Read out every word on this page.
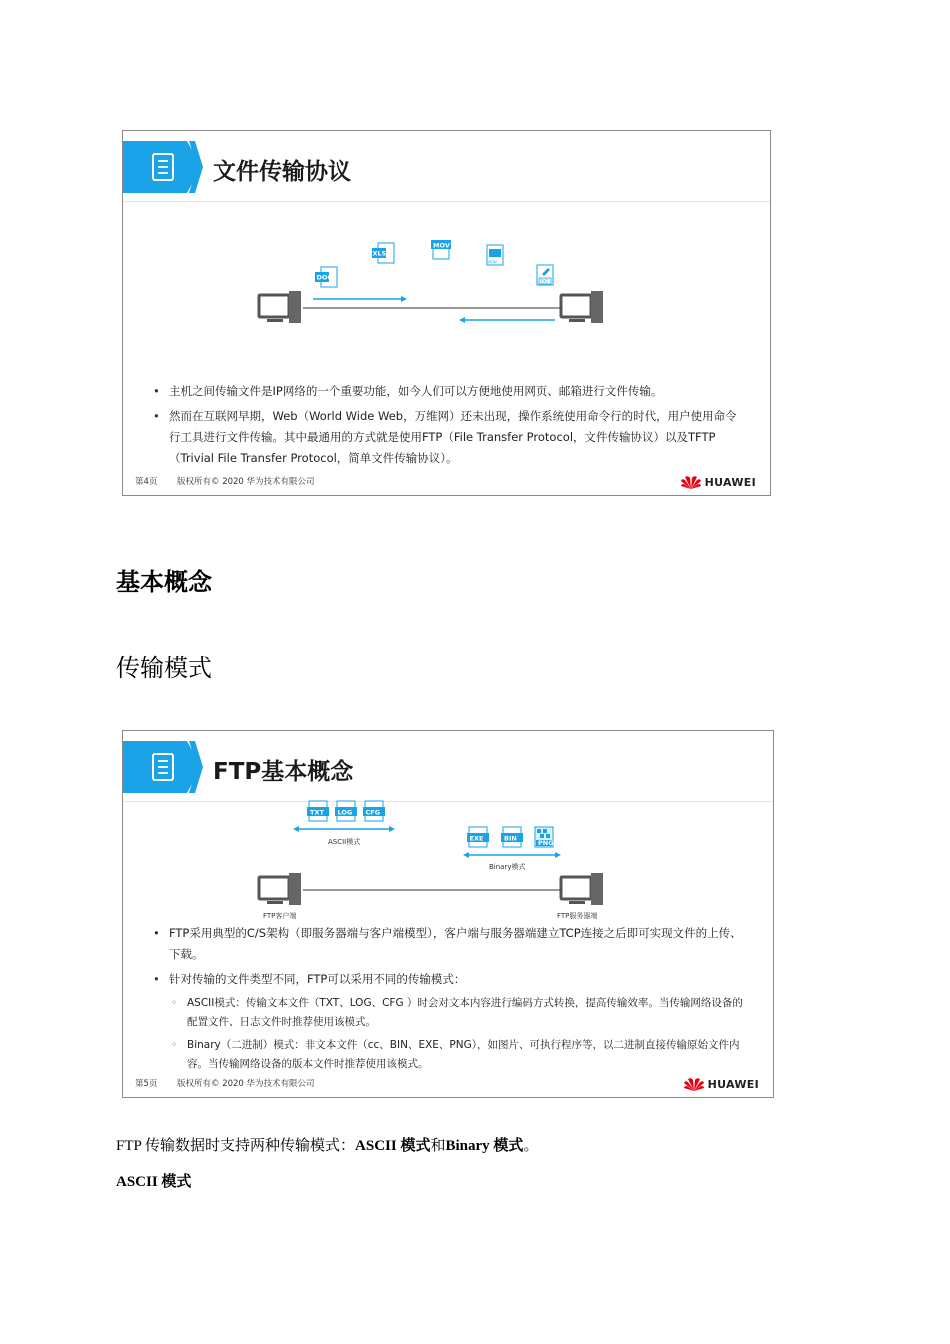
文件传输协议
DOC
XLSX
MOV
JSON
TXT
• 主机之间传输文件是IP网络的一个重要功能，如今人们可以方便地使用网页、邮箱进行文件传输。
• 然而在互联网早期，Web（World Wide Web，万维网）还未出现，操作系统使用命令行的时代，用户使用命令行工具进行文件传输。其中最通用的方式就是使用FTP（File Transfer Protocol，文件传输协议）以及TFTP（Trivial File Transfer Protocol，简单文件传输协议）。
第4页 版权所有© 2020 华为技术有限公司	HUAWEI
基本概念
传输模式
FTP基本概念
TXT LOG CFG
ASCII模式	EXE	BIN
PNG
Binary模式
FTP客户端	FTP服务器端
• FTP采用典型的C/S架构（即服务器端与客户端模型），客户端与服务器端建立TCP连接之后即可实现文件的上传、下载。
• 针对传输的文件类型不同，FTP可以采用不同的传输模式：
◦ ASCII模式：传输文本文件（TXT、LOG、CFG ）时会对文本内容进行编码方式转换，提高传输效率。当传输网络设备的配置文件、日志文件时推荐使用该模式。
◦ Binary（二进制）模式：非文本文件（cc、BIN、EXE、PNG），如图片、可执行程序等，以二进制直接传输原始文件内容。当传输网络设备的版本文件时推荐使用该模式。
第5页 版权所有© 2020 华为技术有限公司	HUAWEI
FTP 传输数据时支持两种传输模式：ASCII 模式和Binary 模式。
ASCII 模式
